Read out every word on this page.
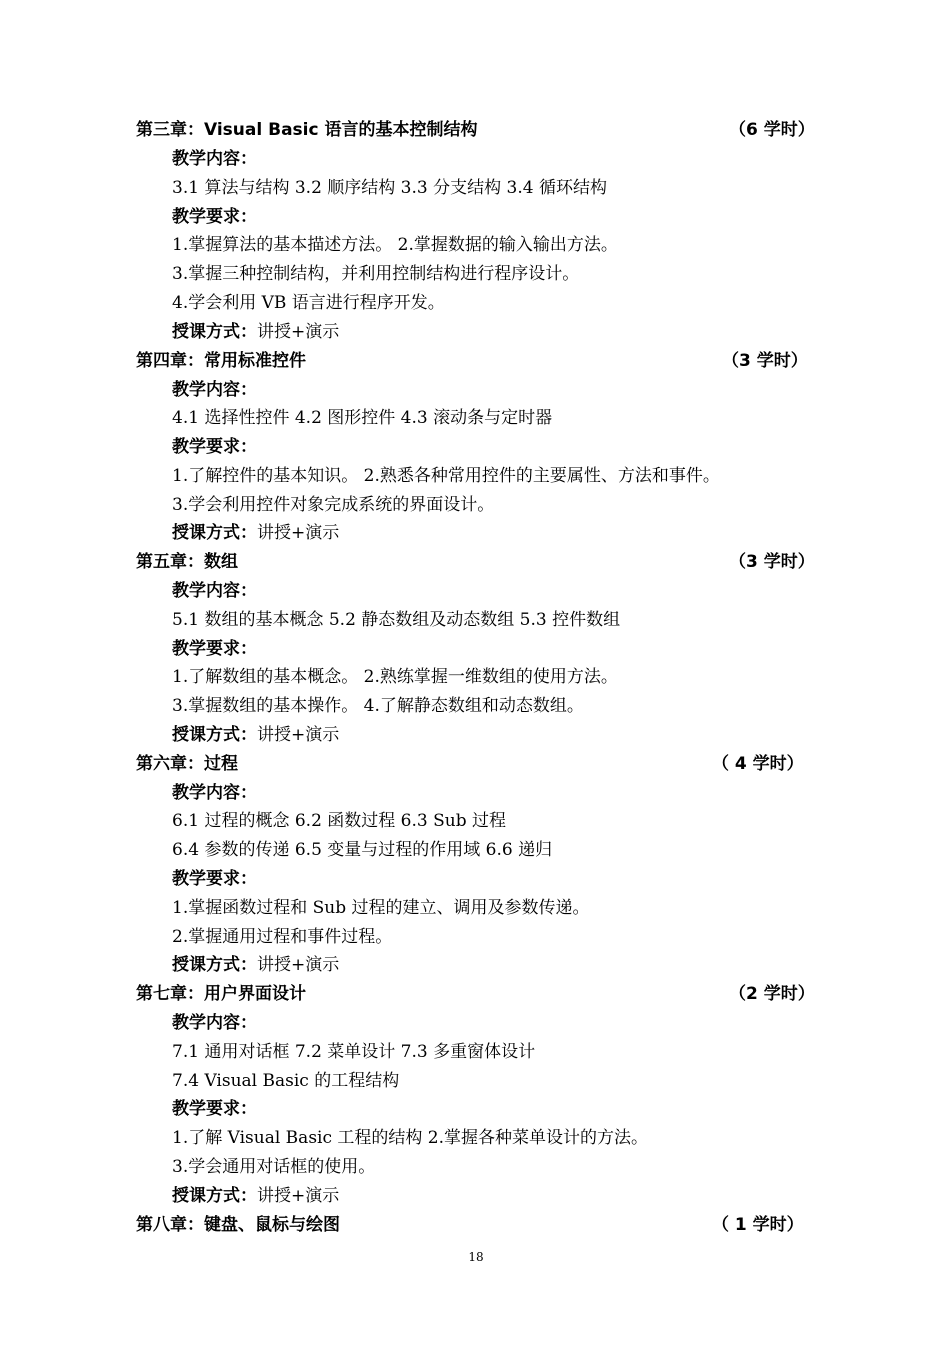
第三章：Visual Basic 语言的基本控制结构	（6 学时）
教学内容：
3.1 算法与结构 3.2 顺序结构 3.3 分支结构 3.4 循环结构
教学要求：
1.掌握算法的基本描述方法。 2.掌握数据的输入输出方法。
3.掌握三种控制结构，并利用控制结构进行程序设计。
4.学会利用 VB 语言进行程序开发。
授课方式：讲授+演示
第四章：常用标准控件	（3 学时）
教学内容：
4.1 选择性控件 4.2 图形控件 4.3 滚动条与定时器
教学要求：
1.了解控件的基本知识。 2.熟悉各种常用控件的主要属性、方法和事件。
3.学会利用控件对象完成系统的界面设计。
授课方式：讲授+演示
第五章：数组	（3 学时）
教学内容：
5.1 数组的基本概念 5.2 静态数组及动态数组 5.3 控件数组
教学要求：
1.了解数组的基本概念。 2.熟练掌握一维数组的使用方法。
3.掌握数组的基本操作。 4.了解静态数组和动态数组。
授课方式：讲授+演示
第六章：过程	（ 4 学时）
教学内容：
6.1 过程的概念 6.2 函数过程 6.3 Sub 过程
6.4 参数的传递 6.5 变量与过程的作用域 6.6 递归
教学要求：
1.掌握函数过程和 Sub 过程的建立、调用及参数传递。
2.掌握通用过程和事件过程。
授课方式：讲授+演示
第七章：用户界面设计	（2 学时）
教学内容：
7.1 通用对话框 7.2 菜单设计 7.3 多重窗体设计
7.4 Visual Basic 的工程结构
教学要求：
1.了解 Visual Basic 工程的结构 2.掌握各种菜单设计的方法。
3.学会通用对话框的使用。
授课方式：讲授+演示
第八章：键盘、鼠标与绘图	（ 1 学时）
18
